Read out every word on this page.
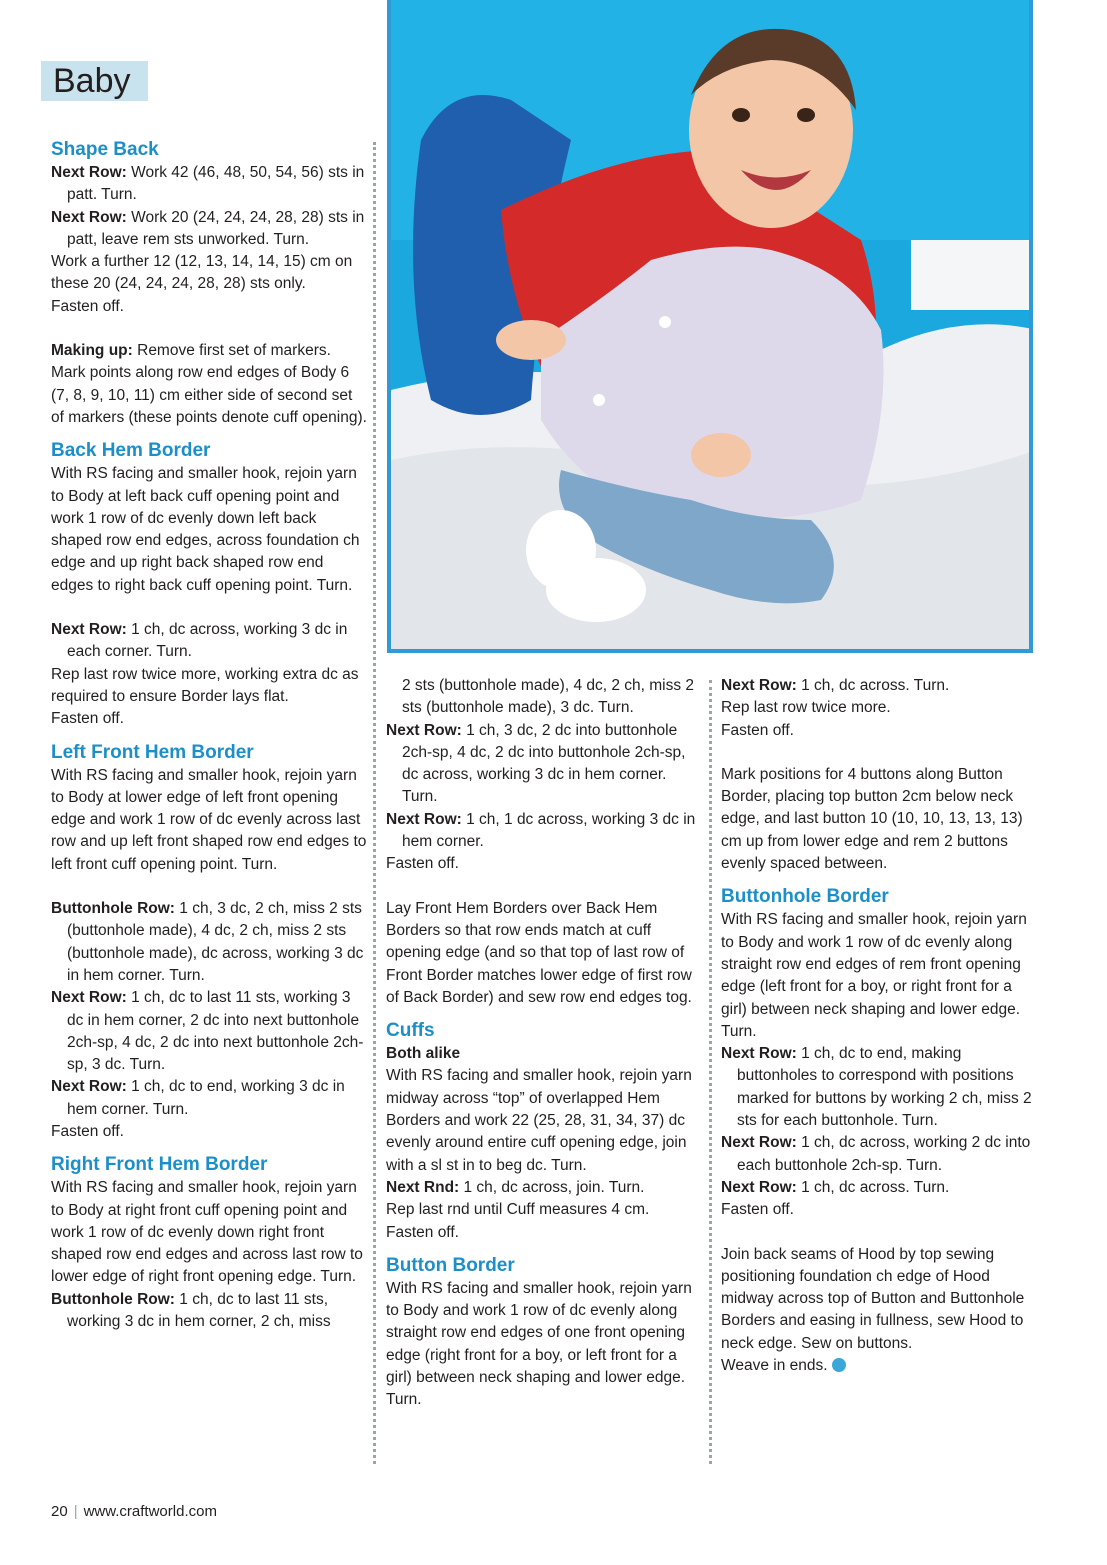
Baby

Shape Back

Next Row: Work 42 (46, 48, 50, 54, 56) sts in patt. Turn.

Next Row: Work 20 (24, 24, 24, 28, 28) sts in patt, leave rem sts unworked. Turn.

Work a further 12 (12, 13, 14, 14, 15) cm on these 20 (24, 24, 24, 28, 28) sts only.

Fasten off.

Making up: Remove first set of markers. Mark points along row end edges of Body 6 (7, 8, 9, 10, 11) cm either side of second set of markers (these points denote cuff opening).

Back Hem Border

With RS facing and smaller hook, rejoin yarn to Body at left back cuff opening point and work 1 row of dc evenly down left back shaped row end edges, across foundation ch edge and up right back shaped row end edges to right back cuff opening point. Turn.

Next Row: 1 ch, dc across, working 3 dc in each corner. Turn.

Rep last row twice more, working extra dc as required to ensure Border lays flat.

Fasten off.

Left Front Hem Border

With RS facing and smaller hook, rejoin yarn to Body at lower edge of left front opening edge and work 1 row of dc evenly across last row and up left front shaped row end edges to left front cuff opening point. Turn.

Buttonhole Row: 1 ch, 3 dc, 2 ch, miss 2 sts (buttonhole made), 4 dc, 2 ch, miss 2 sts (buttonhole made), dc across, working 3 dc in hem corner. Turn.

Next Row: 1 ch, dc to last 11 sts, working 3 dc in hem corner, 2 dc into next buttonhole 2ch-sp, 4 dc, 2 dc into next buttonhole 2ch-sp, 3 dc. Turn.

Next Row: 1 ch, dc to end, working 3 dc in hem corner. Turn.

Fasten off.

Right Front Hem Border

With RS facing and smaller hook, rejoin yarn to Body at right front cuff opening point and work 1 row of dc evenly down right front shaped row end edges and across last row to lower edge of right front opening edge. Turn.

Buttonhole Row: 1 ch, dc to last 11 sts, working 3 dc in hem corner, 2 ch, miss

2 sts (buttonhole made), 4 dc, 2 ch, miss 2 sts (buttonhole made), 3 dc. Turn.

Next Row: 1 ch, 3 dc, 2 dc into buttonhole 2ch-sp, 4 dc, 2 dc into buttonhole 2ch-sp, dc across, working 3 dc in hem corner. Turn.

Next Row: 1 ch, 1 dc across, working 3 dc in hem corner.

Fasten off.

Lay Front Hem Borders over Back Hem Borders so that row ends match at cuff opening edge (and so that top of last row of Front Border matches lower edge of first row of Back Border) and sew row end edges tog.

Cuffs

Both alike

With RS facing and smaller hook, rejoin yarn midway across “top” of overlapped Hem Borders and work 22 (25, 28, 31, 34, 37) dc evenly around entire cuff opening edge, join with a sl st in to beg dc. Turn.

Next Rnd: 1 ch, dc across, join. Turn.

Rep last rnd until Cuff measures 4 cm.

Fasten off.

Button Border

With RS facing and smaller hook, rejoin yarn to Body and work 1 row of dc evenly along straight row end edges of one front opening edge (right front for a boy, or left front for a girl) between neck shaping and lower edge. Turn.

Next Row: 1 ch, dc across. Turn.

Rep last row twice more.

Fasten off.

Mark positions for 4 buttons along Button Border, placing top button 2cm below neck edge, and last button 10 (10, 10, 13, 13, 13) cm up from lower edge and rem 2 buttons evenly spaced between.

Buttonhole Border

With RS facing and smaller hook, rejoin yarn to Body and work 1 row of dc evenly along straight row end edges of rem front opening edge (left front for a boy, or right front for a girl) between neck shaping and lower edge. Turn.

Next Row: 1 ch, dc to end, making buttonholes to correspond with positions marked for buttons by working 2 ch, miss 2 sts for each buttonhole. Turn.

Next Row: 1 ch, dc across, working 2 dc into each buttonhole 2ch-sp. Turn.

Next Row: 1 ch, dc across. Turn.

Fasten off.

Join back seams of Hood by top sewing positioning foundation ch edge of Hood midway across top of Button and Buttonhole Borders and easing in fullness, sew Hood to neck edge. Sew on buttons.

Weave in ends.

20 | www.craftworld.com
